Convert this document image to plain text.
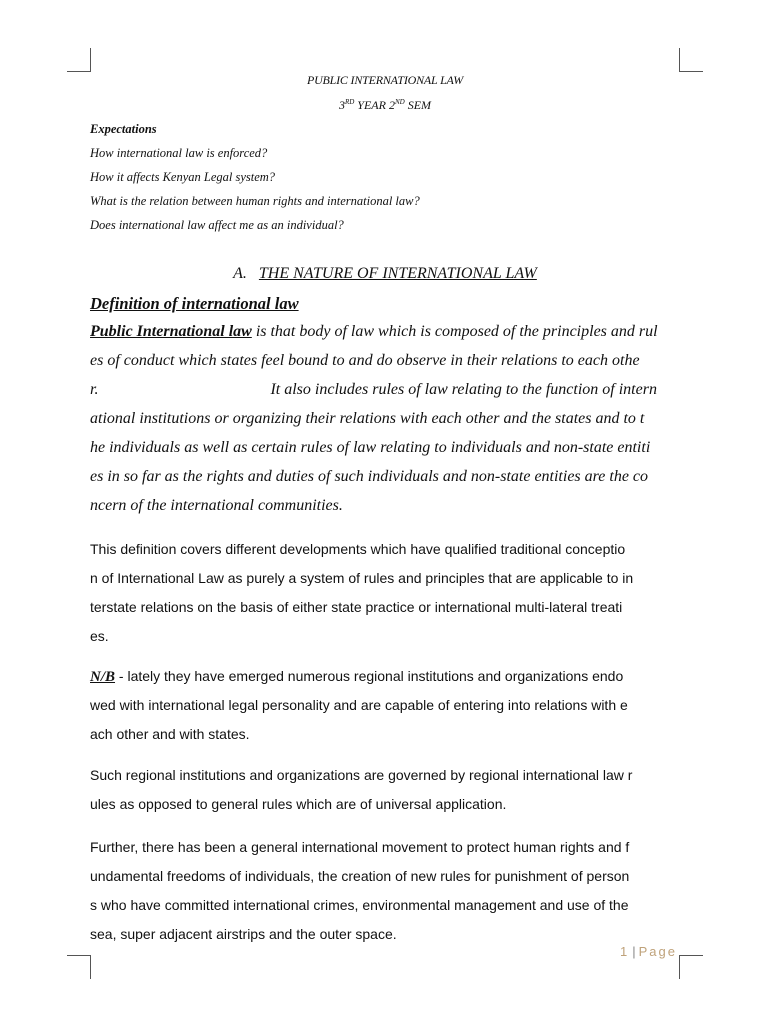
PUBLIC INTERNATIONAL LAW
3RD YEAR 2ND SEM
Expectations
How international law is enforced?
How it affects Kenyan Legal system?
What is the relation between human rights and international law?
Does international law affect me as an individual?
A. THE NATURE OF INTERNATIONAL LAW
Definition of international law
Public International law is that body of law which is composed of the principles and rul
es of conduct which states feel bound to and do observe in their relations to each othe
r.	It also includes rules of law relating to the function of intern
ational institutions or organizing their relations with each other and the states and to t
he individuals as well as certain rules of law relating to individuals and non-state entiti
es in so far as the rights and duties of such individuals and non-state entities are the co
ncern of the international communities.
This definition covers different developments which have qualified traditional conceptio
n of International Law as purely a system of rules and principles that are applicable to in
terstate relations on the basis of either state practice or international multi-lateral treati
es.
N/B - lately they have emerged numerous regional institutions and organizations endo
wed with international legal personality and are capable of entering into relations with e
ach other and with states.
Such regional institutions and organizations are governed by regional international law r
ules as opposed to general rules which are of universal application.
Further, there has been a general international movement to protect human rights and f
undamental freedoms of individuals, the creation of new rules for punishment of person
s who have committed international crimes, environmental management and use of the
sea, super adjacent airstrips and the outer space.
1 | Page
